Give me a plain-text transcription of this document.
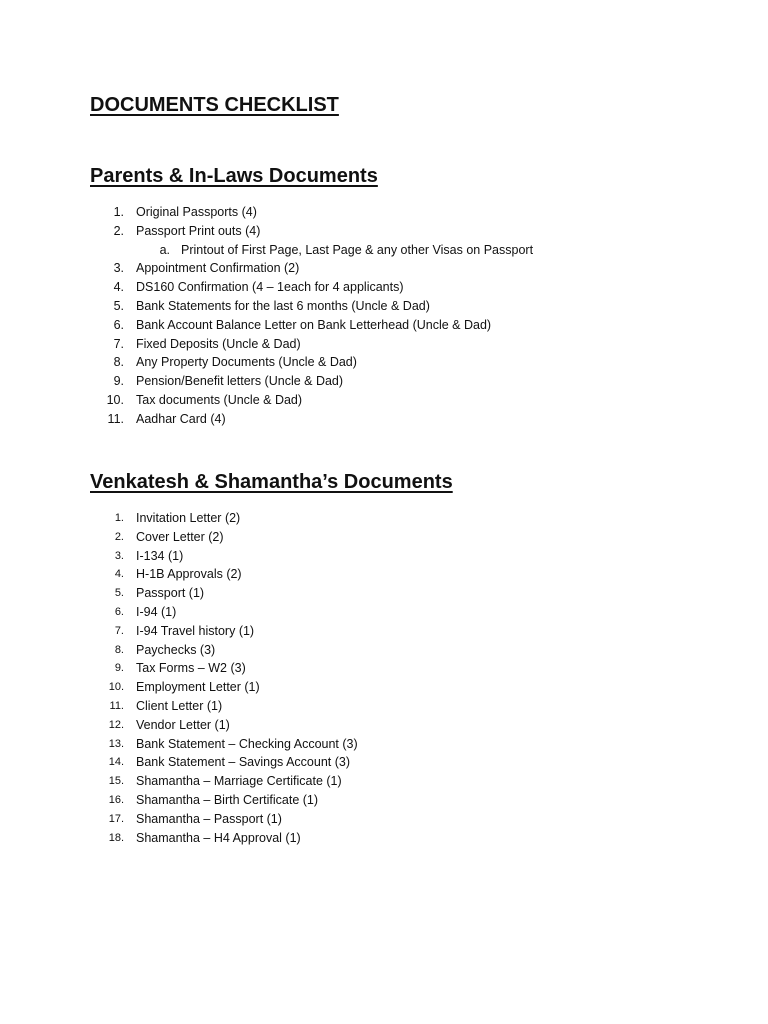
DOCUMENTS CHECKLIST
Parents & In-Laws Documents
1. Original Passports (4)
2. Passport Print outs (4)
a. Printout of First Page, Last Page & any other Visas on Passport
3. Appointment Confirmation (2)
4. DS160 Confirmation (4 – 1each for 4 applicants)
5. Bank Statements for the last 6 months (Uncle & Dad)
6. Bank Account Balance Letter on Bank Letterhead (Uncle & Dad)
7. Fixed Deposits (Uncle & Dad)
8. Any Property Documents (Uncle & Dad)
9. Pension/Benefit letters (Uncle & Dad)
10. Tax documents (Uncle & Dad)
11. Aadhar Card (4)
Venkatesh & Shamantha’s Documents
1. Invitation Letter (2)
2. Cover Letter (2)
3. I-134 (1)
4. H-1B Approvals (2)
5. Passport (1)
6. I-94 (1)
7. I-94 Travel history (1)
8. Paychecks (3)
9. Tax Forms – W2 (3)
10. Employment Letter (1)
11. Client Letter (1)
12. Vendor Letter (1)
13. Bank Statement – Checking Account (3)
14. Bank Statement – Savings Account (3)
15. Shamantha – Marriage Certificate (1)
16. Shamantha – Birth Certificate (1)
17. Shamantha – Passport (1)
18. Shamantha – H4 Approval (1)
